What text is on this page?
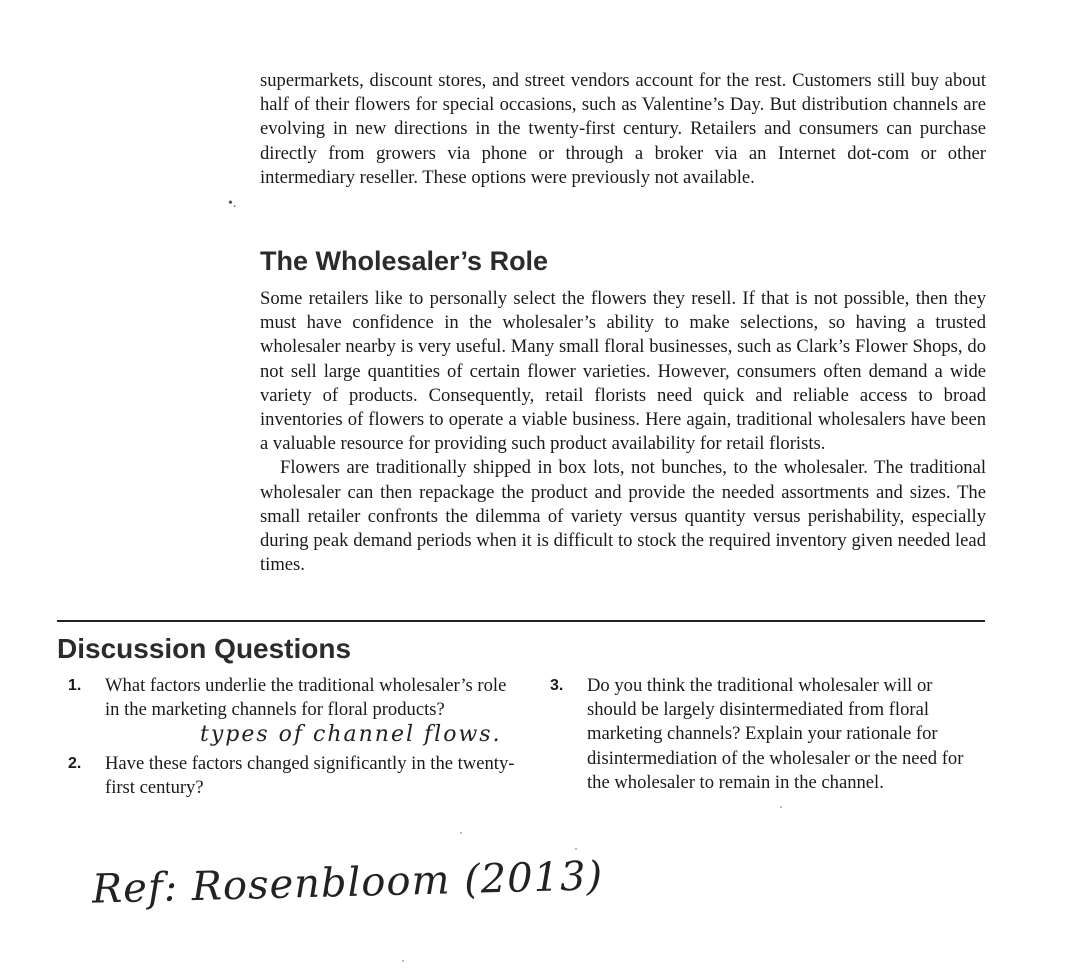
•.

supermarkets, discount stores, and street vendors account for the rest. Customers still buy about half of their flowers for special occasions, such as Valentine’s Day. But distribution channels are evolving in new directions in the twenty-first century. Retailers and consumers can purchase directly from growers via phone or through a broker via an Internet dot-com or other intermediary reseller. These options were previously not available.

The Wholesaler’s Role

Some retailers like to personally select the flowers they resell. If that is not possible, then they must have confidence in the wholesaler’s ability to make selections, so having a trusted wholesaler nearby is very useful. Many small floral businesses, such as Clark’s Flower Shops, do not sell large quantities of certain flower varieties. However, consumers often demand a wide variety of products. Consequently, retail florists need quick and reliable access to broad inventories of flowers to operate a viable business. Here again, traditional wholesalers have been a valuable resource for providing such product availability for retail florists.

Flowers are traditionally shipped in box lots, not bunches, to the wholesaler. The traditional wholesaler can then repackage the product and provide the needed assortments and sizes. The small retailer confronts the dilemma of variety versus quantity versus perishability, especially during peak demand periods when it is difficult to stock the required inventory given needed lead times.

Discussion Questions
1. What factors underlie the traditional wholesaler’s role in the marketing channels for floral products?
types of channel flows.
2. Have these factors changed significantly in the twenty-first century?
3. Do you think the traditional wholesaler will or should be largely disintermediated from floral marketing channels? Explain your rationale for disintermediation of the wholesaler or the need for the wholesaler to remain in the channel.
Ref: Rosenbloom (2013)
